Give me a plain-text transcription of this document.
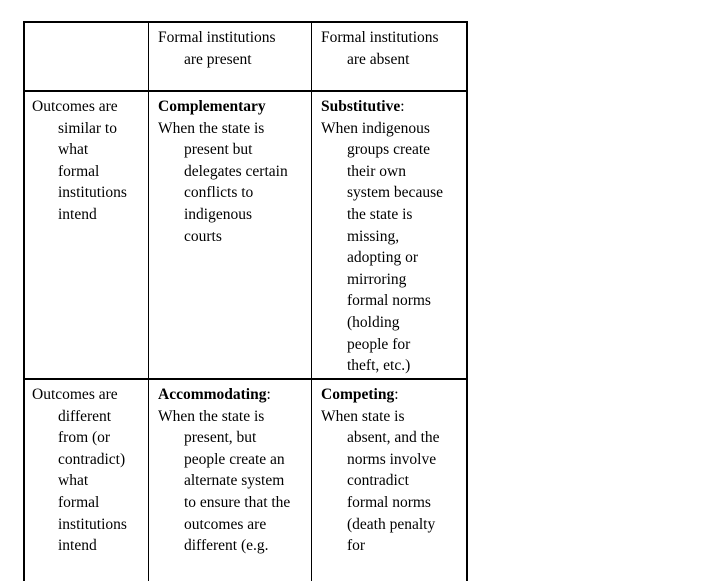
Formal institutions
are present
Formal institutions
are absent
Outcomes are
similar to
what
formal
institutions
intend
Complementary
When the state is
present but
delegates certain
conflicts to
indigenous
courts
Substitutive:
When indigenous
groups create
their own
system because
the state is
missing,
adopting or
mirroring
formal norms
(holding
people for
theft, etc.)
Outcomes are
different
from (or
contradict)
what
formal
institutions
intend
Accommodating:
When the state is
present, but
people create an
alternate system
to ensure that the
outcomes are
different (e.g.
Competing:
When state is
absent, and the
norms involve
contradict
formal norms
(death penalty
for
